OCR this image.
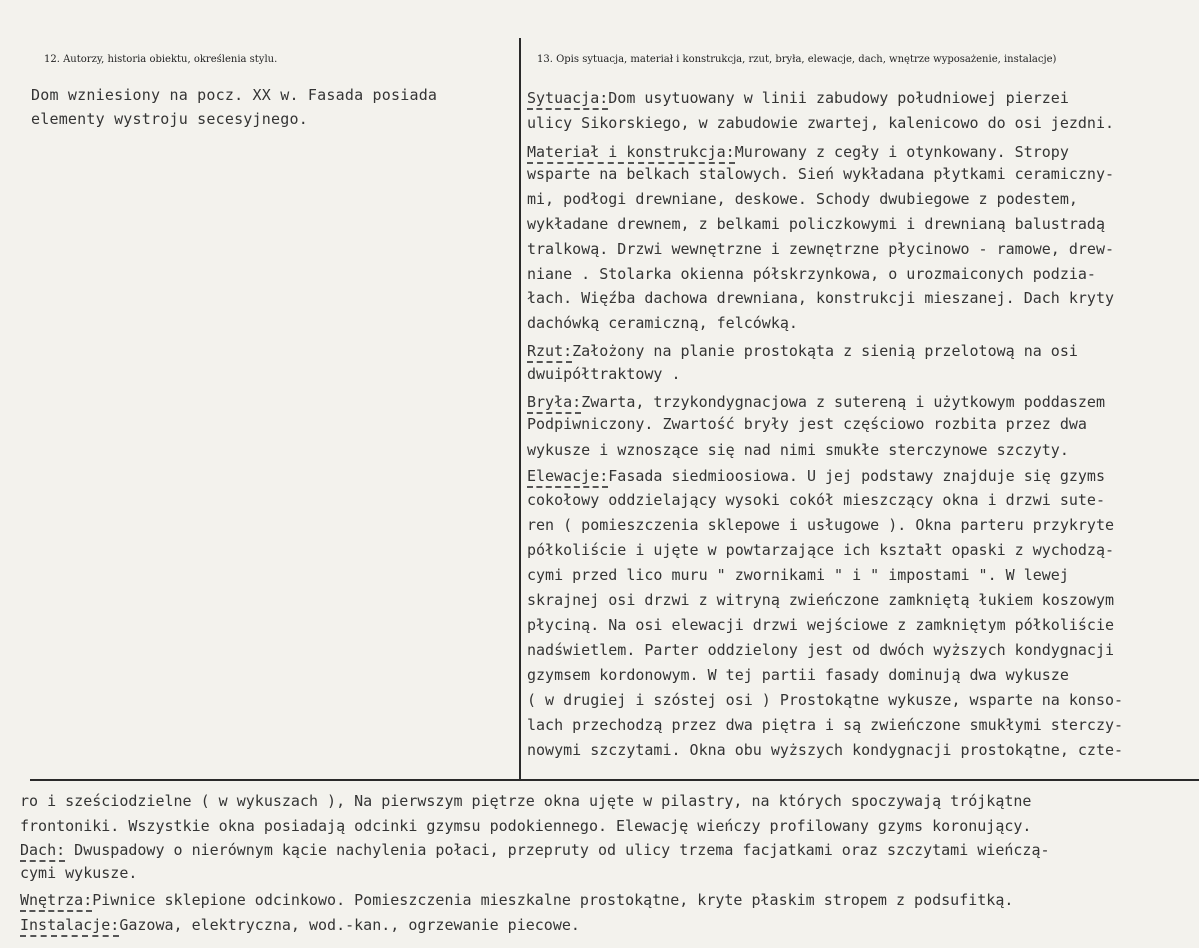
12. Autorzy, historia obiektu, określenia stylu.
Dom wzniesiony na pocz. XX w. Fasada posiada
elementy wystroju secesyjnego.
13. Opis sytuacja, materiał i konstrukcja, rzut, bryła, elewacje, dach, wnętrze wyposażenie, instalacje)
Sytuacja:Dom usytuowany w linii zabudowy południowej pierzei
ulicy Sikorskiego, w zabudowie zwartej, kalenicowo do osi jezdni.
Materiał i konstrukcja:Murowany z cegły i otynkowany. Stropy
wsparte na belkach stalowych. Sień wykładana płytkami ceramiczny-
mi, podłogi drewniane, deskowe. Schody dwubiegowe z podestem,
wykładane drewnem, z belkami policzkowymi i drewnianą balustradą
tralkową. Drzwi wewnętrzne i zewnętrzne płycinowo - ramowe, drew-
niane . Stolarka okienna półskrzynkowa, o urozmaiconych podzia-
łach. Więźba dachowa drewniana, konstrukcji mieszanej. Dach kryty
dachówką ceramiczną, felcówką.
Rzut:Założony na planie prostokąta z sienią przelotową na osi
dwuipółtraktowy .
Bryła:Zwarta, trzykondygnacjowa z sutereną i użytkowym poddaszem
Podpiwniczony. Zwartość bryły jest częściowo rozbita przez dwa
wykusze i wznoszące się nad nimi smukłe sterczynowe szczyty.
Elewacje:Fasada siedmioosiowa. U jej podstawy znajduje się gzyms
cokołowy oddzielający wysoki cokół mieszczący okna i drzwi sute-
ren ( pomieszczenia sklepowe i usługowe ). Okna parteru przykryte
półkoliście i ujęte w powtarzające ich kształt opaski z wychodzą-
cymi przed lico muru " zwornikami " i " impostami ". W lewej
skrajnej osi drzwi z witryną zwieńczone zamkniętą łukiem koszowym
płyciną. Na osi elewacji drzwi wejściowe z zamkniętym półkoliście
nadświetlem. Parter oddzielony jest od dwóch wyższych kondygnacji
gzymsem kordonowym. W tej partii fasady dominują dwa wykusze
( w drugiej i szóstej osi ) Prostokątne wykusze, wsparte na konso-
lach przechodzą przez dwa piętra i są zwieńczone smukłymi sterczy-
nowymi szczytami. Okna obu wyższych kondygnacji prostokątne, czte-
ro i sześciodzielne ( w wykuszach ), Na pierwszym piętrze okna ujęte w pilastry, na których spoczywają trójkątne
frontoniki. Wszystkie okna posiadają odcinki gzymsu podokiennego. Elewację wieńczy profilowany gzyms koronujący.
Dach: Dwuspadowy o nierównym kącie nachylenia połaci, przepruty od ulicy trzema facjatkami oraz szczytami wieńczą-
cymi wykusze.
Wnętrza:Piwnice sklepione odcinkowo. Pomieszczenia mieszkalne prostokątne, kryte płaskim stropem z podsufitką.
Instalacje:Gazowa, elektryczna, wod.-kan., ogrzewanie piecowe.
